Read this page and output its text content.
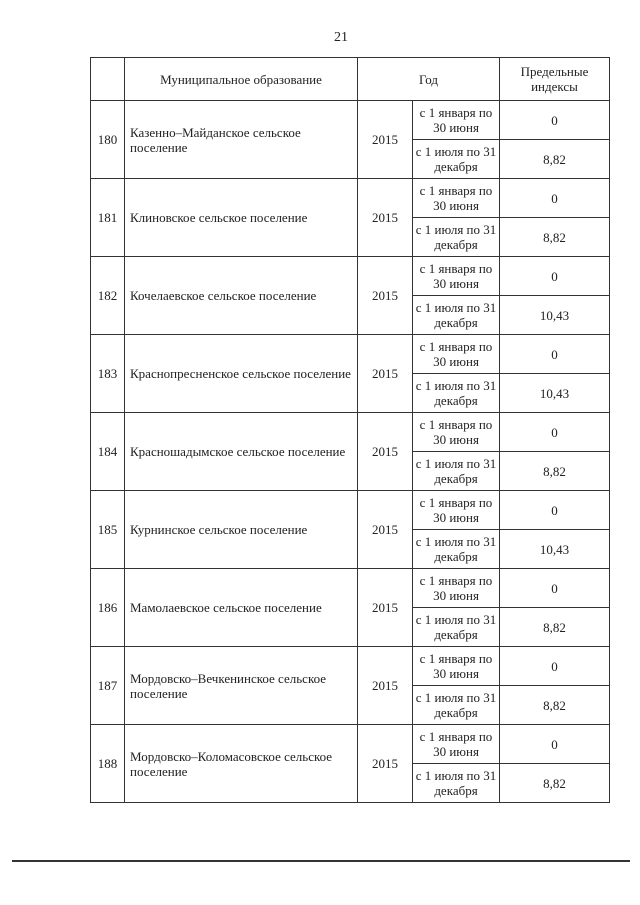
21
	Муниципальное образование	Год		Предельные индексы
180	Казенно–Майданское сельское поселение	2015	с 1 января по 30 июня	0
			с 1 июля по 31 декабря	8,82
181	Клиновское сельское поселение	2015	с 1 января по 30 июня	0
			с 1 июля по 31 декабря	8,82
182	Кочелаевское сельское поселение	2015	с 1 января по 30 июня	0
			с 1 июля по 31 декабря	10,43
183	Краснопресненское сельское поселение	2015	с 1 января по 30 июня	0
			с 1 июля по 31 декабря	10,43
184	Красношадымское сельское поселение	2015	с 1 января по 30 июня	0
			с 1 июля по 31 декабря	8,82
185	Курнинское сельское поселение	2015	с 1 января по 30 июня	0
			с 1 июля по 31 декабря	10,43
186	Мамолаевское сельское поселение	2015	с 1 января по 30 июня	0
			с 1 июля по 31 декабря	8,82
187	Мордовско–Вечкенинское сельское поселение	2015	с 1 января по 30 июня	0
			с 1 июля по 31 декабря	8,82
188	Мордовско–Коломасовское сельское поселение	2015	с 1 января по 30 июня	0
			с 1 июля по 31 декабря	8,82
